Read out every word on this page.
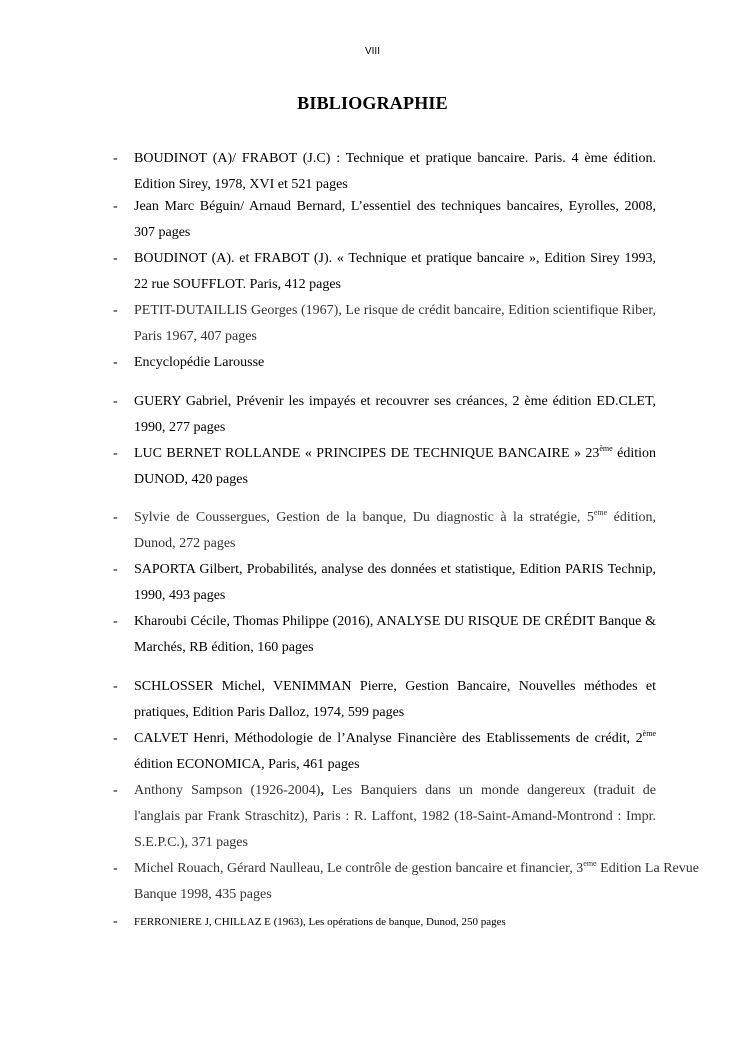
VIII
BIBLIOGRAPHIE
- BOUDINOT (A)/ FRABOT (J.C) : Technique et pratique bancaire. Paris. 4 ème édition. Edition Sirey, 1978, XVI et 521 pages
- Jean Marc Béguin/ Arnaud Bernard, L’essentiel des techniques bancaires, Eyrolles, 2008, 307 pages
- BOUDINOT (A). et FRABOT (J). « Technique et pratique bancaire », Edition Sirey 1993, 22 rue SOUFFLOT. Paris, 412 pages
- PETIT-DUTAILLIS Georges (1967), Le risque de crédit bancaire, Edition scientifique Riber, Paris 1967, 407 pages
- Encyclopédie Larousse
- GUERY Gabriel, Prévenir les impayés et recouvrer ses créances, 2 ème édition ED.CLET, 1990, 277 pages
- LUC BERNET ROLLANDE « PRINCIPES DE TECHNIQUE BANCAIRE » 23ème édition DUNOD, 420 pages
- Sylvie de Coussergues, Gestion de la banque, Du diagnostic à la stratégie, 5eme édition, Dunod, 272 pages
- SAPORTA Gilbert, Probabilités, analyse des données et statistique, Edition PARIS Technip, 1990, 493 pages
- Kharoubi Cécile, Thomas Philippe (2016), ANALYSE DU RISQUE DE CRÉDIT Banque & Marchés, RB édition, 160 pages
- SCHLOSSER Michel, VENIMMAN Pierre, Gestion Bancaire, Nouvelles méthodes et pratiques, Edition Paris Dalloz, 1974, 599 pages
- CALVET Henri, Méthodologie de l’Analyse Financière des Etablissements de crédit, 2ème édition ECONOMICA, Paris, 461 pages
- Anthony Sampson (1926-2004), Les Banquiers dans un monde dangereux (traduit de l'anglais par Frank Straschitz), Paris : R. Laffont, 1982 (18-Saint-Amand-Montrond : Impr. S.E.P.C.), 371 pages
- Michel Rouach, Gérard Naulleau, Le contrôle de gestion bancaire et financier, 3eme Edition La Revue Banque 1998, 435 pages
- FERRONIERE J, CHILLAZ E (1963), Les opérations de banque, Dunod, 250 pages
